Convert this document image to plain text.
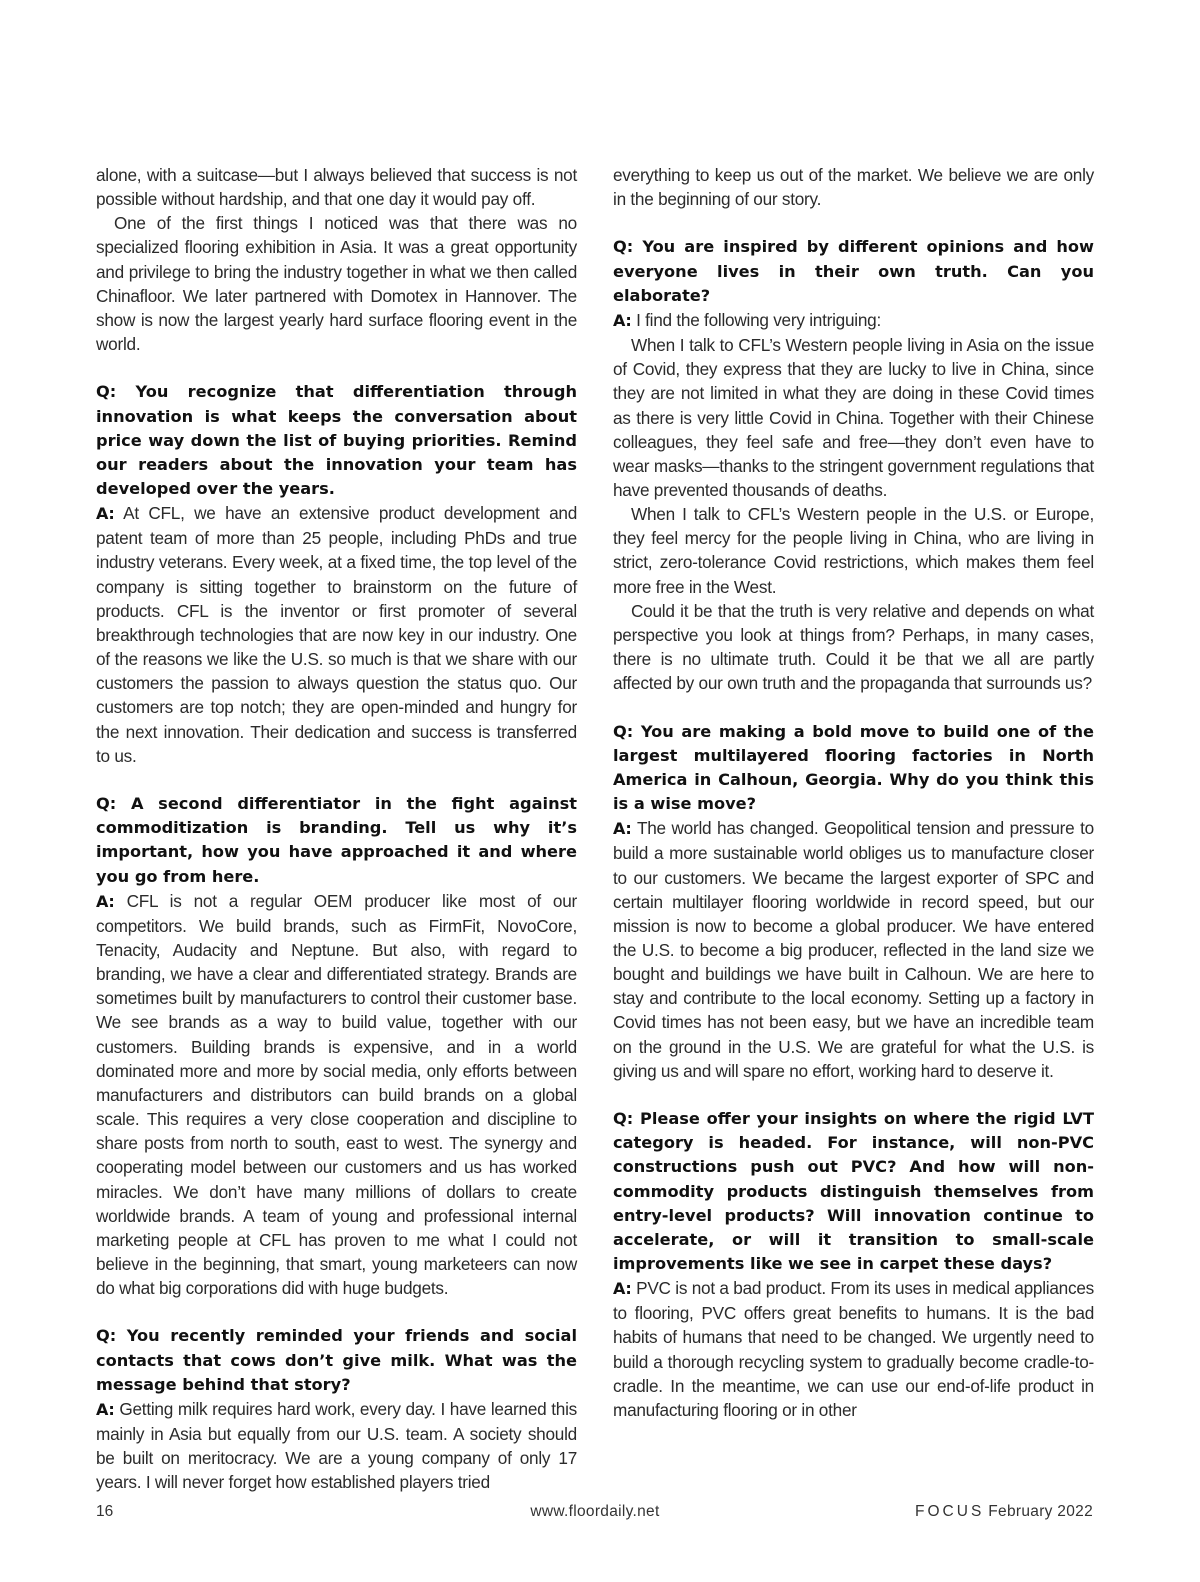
alone, with a suitcase—but I always believed that success is not possible without hardship, and that one day it would pay off.

One of the first things I noticed was that there was no specialized flooring exhibition in Asia. It was a great opportunity and privilege to bring the industry together in what we then called Chinafloor. We later partnered with Domotex in Hannover. The show is now the largest yearly hard surface flooring event in the world.

Q: You recognize that differentiation through innovation is what keeps the conversation about price way down the list of buying priorities. Remind our readers about the innovation your team has developed over the years.

A: At CFL, we have an extensive product development and patent team of more than 25 people, including PhDs and true industry veterans. Every week, at a fixed time, the top level of the company is sitting together to brainstorm on the future of products. CFL is the inventor or first promoter of several breakthrough technologies that are now key in our industry. One of the reasons we like the U.S. so much is that we share with our customers the passion to always question the status quo. Our customers are top notch; they are open-minded and hungry for the next innovation. Their dedication and success is transferred to us.

Q: A second differentiator in the fight against commoditization is branding. Tell us why it’s important, how you have approached it and where you go from here.

A: CFL is not a regular OEM producer like most of our competitors. We build brands, such as FirmFit, NovoCore, Tenacity, Audacity and Neptune. But also, with regard to branding, we have a clear and differentiated strategy. Brands are sometimes built by manufacturers to control their customer base. We see brands as a way to build value, together with our customers. Building brands is expensive, and in a world dominated more and more by social media, only efforts between manufacturers and distributors can build brands on a global scale. This requires a very close cooperation and discipline to share posts from north to south, east to west. The synergy and cooperating model between our customers and us has worked miracles. We don’t have many millions of dollars to create worldwide brands. A team of young and professional internal marketing people at CFL has proven to me what I could not believe in the beginning, that smart, young marketeers can now do what big corporations did with huge budgets.

Q: You recently reminded your friends and social contacts that cows don’t give milk. What was the message behind that story?

A: Getting milk requires hard work, every day. I have learned this mainly in Asia but equally from our U.S. team. A society should be built on meritocracy. We are a young company of only 17 years. I will never forget how established players tried

everything to keep us out of the market. We believe we are only in the beginning of our story.

Q: You are inspired by different opinions and how everyone lives in their own truth. Can you elaborate?

A: I find the following very intriguing:

When I talk to CFL’s Western people living in Asia on the issue of Covid, they express that they are lucky to live in China, since they are not limited in what they are doing in these Covid times as there is very little Covid in China. Together with their Chinese colleagues, they feel safe and free—they don’t even have to wear masks—thanks to the stringent government regulations that have prevented thousands of deaths.

When I talk to CFL’s Western people in the U.S. or Europe, they feel mercy for the people living in China, who are living in strict, zero-tolerance Covid restrictions, which makes them feel more free in the West.

Could it be that the truth is very relative and depends on what perspective you look at things from? Perhaps, in many cases, there is no ultimate truth. Could it be that we all are partly affected by our own truth and the propaganda that surrounds us?

Q: You are making a bold move to build one of the largest multilayered flooring factories in North America in Calhoun, Georgia. Why do you think this is a wise move?

A: The world has changed. Geopolitical tension and pressure to build a more sustainable world obliges us to manufacture closer to our customers. We became the largest exporter of SPC and certain multilayer flooring worldwide in record speed, but our mission is now to become a global producer. We have entered the U.S. to become a big producer, reflected in the land size we bought and buildings we have built in Calhoun. We are here to stay and contribute to the local economy. Setting up a factory in Covid times has not been easy, but we have an incredible team on the ground in the U.S. We are grateful for what the U.S. is giving us and will spare no effort, working hard to deserve it.

Q: Please offer your insights on where the rigid LVT category is headed. For instance, will non-PVC constructions push out PVC? And how will non-commodity products distinguish themselves from entry-level products? Will innovation continue to accelerate, or will it transition to small-scale improvements like we see in carpet these days?

A: PVC is not a bad product. From its uses in medical appliances to flooring, PVC offers great benefits to humans. It is the bad habits of humans that need to be changed. We urgently need to build a thorough recycling system to gradually become cradle-to-cradle. In the meantime, we can use our end-of-life product in manufacturing flooring or in other

16	www.floordaily.net	FOCUS February 2022
